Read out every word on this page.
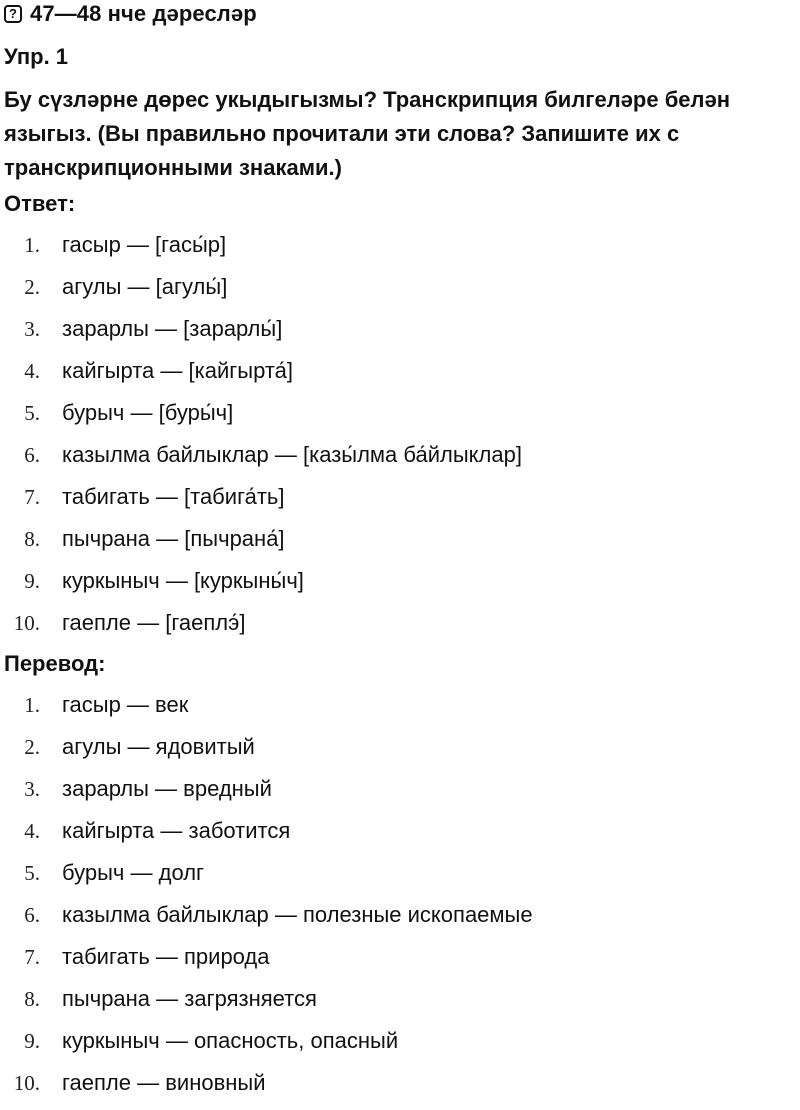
? 47—48 нче дәресләр
Упр. 1
Бу сүзләрне дөрес укыдыгызмы? Транскрипция билгеләре белән
языгыз. (Вы правильно прочитали эти слова? Запишите их с
транскрипционными знаками.)
Ответ:
1. гасыр — [гасы́р]
2. агулы — [агулы́]
3. зарарлы — [зарарлы́]
4. кайгырта — [кайгырта́]
5. бурыч — [буры́ч]
6. казылма байлыклар — [казы́лма ба́йлыклар]
7. табигать — [табига́ть]
8. пычрана — [пычрана́]
9. куркыныч — [куркыны́ч]
10. гаепле — [гаеплэ́]
Перевод:
1. гасыр — век
2. агулы — ядовитый
3. зарарлы — вредный
4. кайгырта — заботится
5. бурыч — долг
6. казылма байлыклар — полезные ископаемые
7. табигать — природа
8. пычрана — загрязняется
9. куркыныч — опасность, опасный
10. гаепле — виновный
